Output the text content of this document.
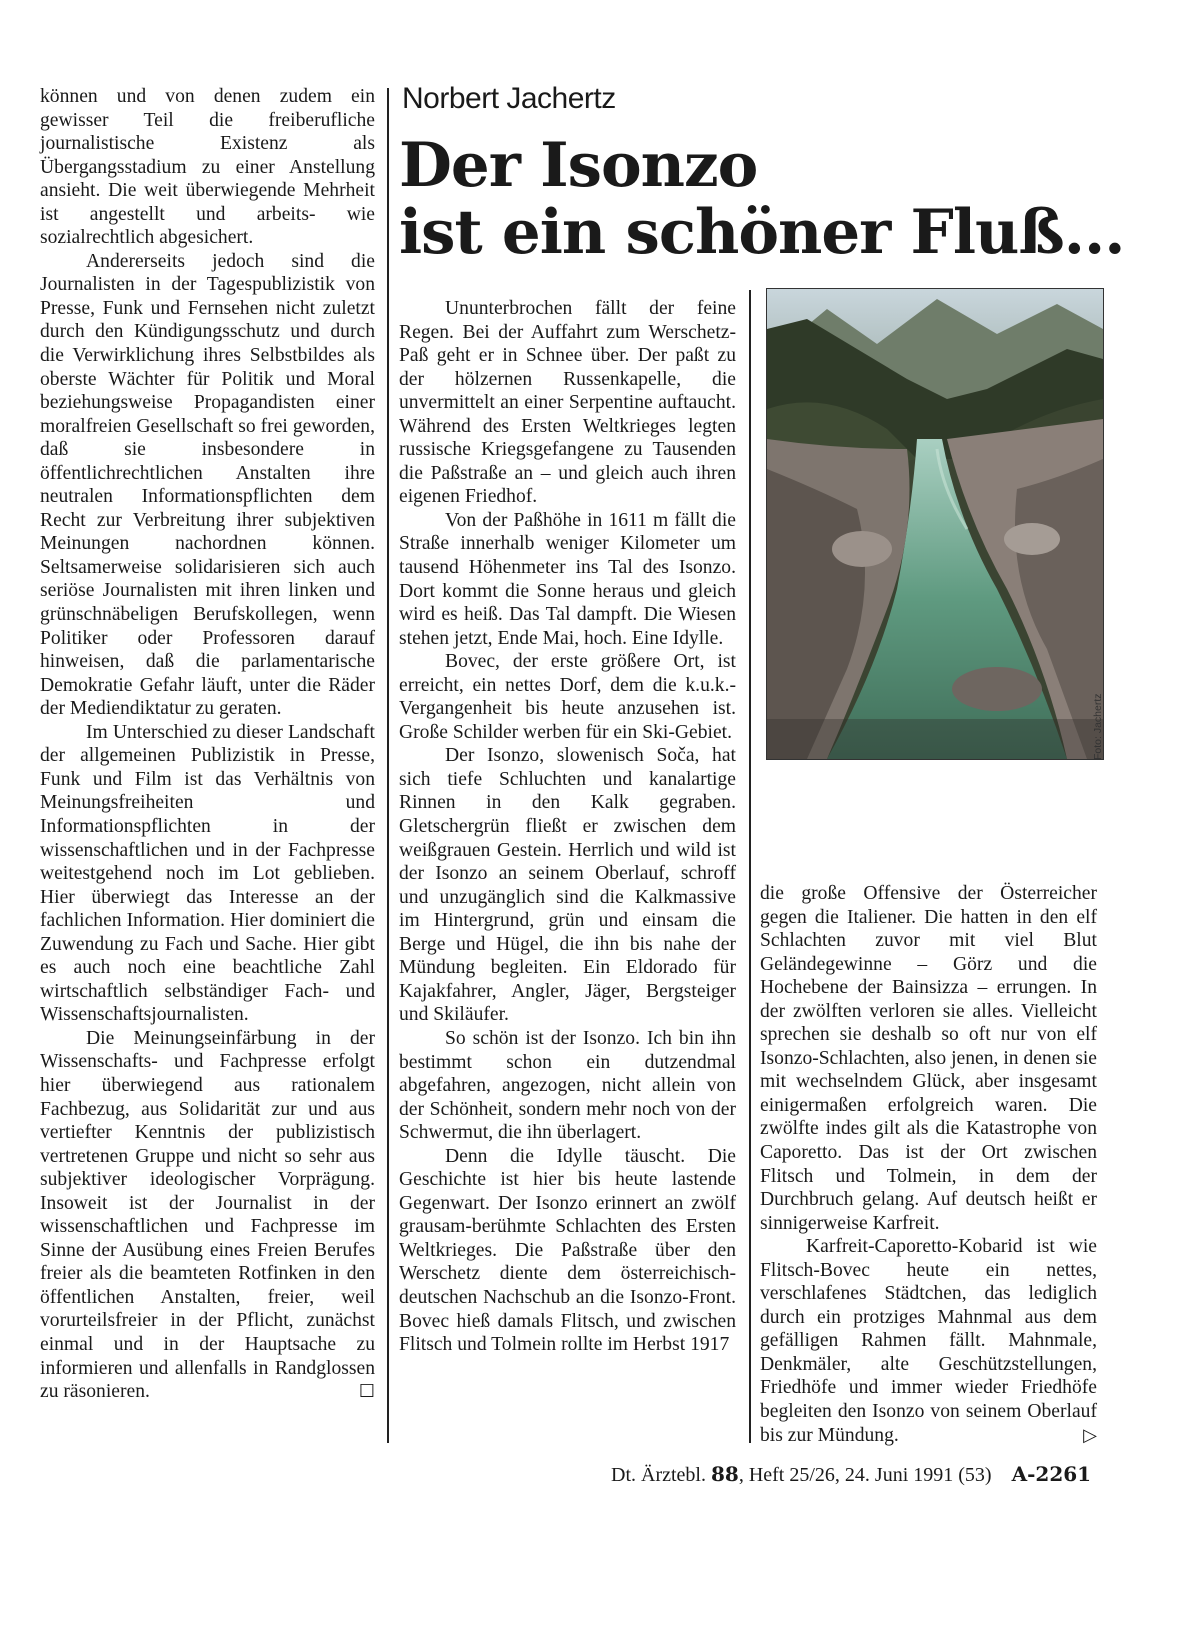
können und von denen zudem ein gewisser Teil die freiberufliche journalistische Existenz als Übergangsstadium zu einer Anstellung ansieht. Die weit überwiegende Mehrheit ist angestellt und arbeits- wie sozialrechtlich abgesichert.

Andererseits jedoch sind die Journalisten in der Tagespublizistik von Presse, Funk und Fernsehen nicht zuletzt durch den Kündigungsschutz und durch die Verwirklichung ihres Selbstbildes als oberste Wächter für Politik und Moral beziehungsweise Propagandisten einer moralfreien Gesellschaft so frei geworden, daß sie insbesondere in öffentlichrechtlichen Anstalten ihre neutralen Informationspflichten dem Recht zur Verbreitung ihrer subjektiven Meinungen nachordnen können. Seltsamerweise solidarisieren sich auch seriöse Journalisten mit ihren linken und grünschnäbeligen Berufskollegen, wenn Politiker oder Professoren darauf hinweisen, daß die parlamentarische Demokratie Gefahr läuft, unter die Räder der Mediendiktatur zu geraten.

Im Unterschied zu dieser Landschaft der allgemeinen Publizistik in Presse, Funk und Film ist das Verhältnis von Meinungsfreiheiten und Informationspflichten in der wissenschaftlichen und in der Fachpresse weitestgehend noch im Lot geblieben. Hier überwiegt das Interesse an der fachlichen Information. Hier dominiert die Zuwendung zu Fach und Sache. Hier gibt es auch noch eine beachtliche Zahl wirtschaftlich selbständiger Fach- und Wissenschaftsjournalisten.

Die Meinungseinfärbung in der Wissenschafts- und Fachpresse erfolgt hier überwiegend aus rationalem Fachbezug, aus Solidarität zur und aus vertiefter Kenntnis der publizistisch vertretenen Gruppe und nicht so sehr aus subjektiver ideologischer Vorprägung. Insoweit ist der Journalist in der wissenschaftlichen und Fachpresse im Sinne der Ausübung eines Freien Berufes freier als die beamteten Rotfinken in den öffentlichen Anstalten, freier, weil vorurteilsfreier in der Pflicht, zunächst einmal und in der Hauptsache zu informieren und allenfalls in Randglossen zu räsonieren.	☐

Norbert Jachertz
Der Isonzo
ist ein schöner Fluß...

Ununterbrochen fällt der feine Regen. Bei der Auffahrt zum Werschetz-Paß geht er in Schnee über. Der paßt zu der hölzernen Russenkapelle, die unvermittelt an einer Serpentine auftaucht. Während des Ersten Weltkrieges legten russische Kriegsgefangene zu Tausenden die Paßstraße an – und gleich auch ihren eigenen Friedhof.

Von der Paßhöhe in 1611 m fällt die Straße innerhalb weniger Kilometer um tausend Höhenmeter ins Tal des Isonzo. Dort kommt die Sonne heraus und gleich wird es heiß. Das Tal dampft. Die Wiesen stehen jetzt, Ende Mai, hoch. Eine Idylle.

Bovec, der erste größere Ort, ist erreicht, ein nettes Dorf, dem die k.u.k.-Vergangenheit bis heute anzusehen ist. Große Schilder werben für ein Ski-Gebiet.

Der Isonzo, slowenisch Soča, hat sich tiefe Schluchten und kanalartige Rinnen in den Kalk gegraben. Gletschergrün fließt er zwischen dem weißgrauen Gestein. Herrlich und wild ist der Isonzo an seinem Oberlauf, schroff und unzugänglich sind die Kalkmassive im Hintergrund, grün und einsam die Berge und Hügel, die ihn bis nahe der Mündung begleiten. Ein Eldorado für Kajakfahrer, Angler, Jäger, Bergsteiger und Skiläufer.

So schön ist der Isonzo. Ich bin ihn bestimmt schon ein dutzendmal abgefahren, angezogen, nicht allein von der Schönheit, sondern mehr noch von der Schwermut, die ihn überlagert.

Denn die Idylle täuscht. Die Geschichte ist hier bis heute lastende Gegenwart. Der Isonzo erinnert an zwölf grausam-berühmte Schlachten des Ersten Weltkrieges. Die Paßstraße über den Werschetz diente dem österreichisch-deutschen Nachschub an die Isonzo-Front. Bovec hieß damals Flitsch, und zwischen Flitsch und Tolmein rollte im Herbst 1917

Foto: Jachertz

die große Offensive der Österreicher gegen die Italiener. Die hatten in den elf Schlachten zuvor mit viel Blut Geländegewinne – Görz und die Hochebene der Bainsizza – errungen. In der zwölften verloren sie alles. Vielleicht sprechen sie deshalb so oft nur von elf Isonzo-Schlachten, also jenen, in denen sie mit wechselndem Glück, aber insgesamt einigermaßen erfolgreich waren. Die zwölfte indes gilt als die Katastrophe von Caporetto. Das ist der Ort zwischen Flitsch und Tolmein, in dem der Durchbruch gelang. Auf deutsch heißt er sinnigerweise Karfreit.

Karfreit-Caporetto-Kobarid ist wie Flitsch-Bovec heute ein nettes, verschlafenes Städtchen, das lediglich durch ein protziges Mahnmal aus dem gefälligen Rahmen fällt. Mahnmale, Denkmäler, alte Geschützstellungen, Friedhöfe und immer wieder Friedhöfe begleiten den Isonzo von seinem Oberlauf bis zur Mündung.	▷

Dt. Ärztebl. 88, Heft 25/26, 24. Juni 1991 (53) A-2261
